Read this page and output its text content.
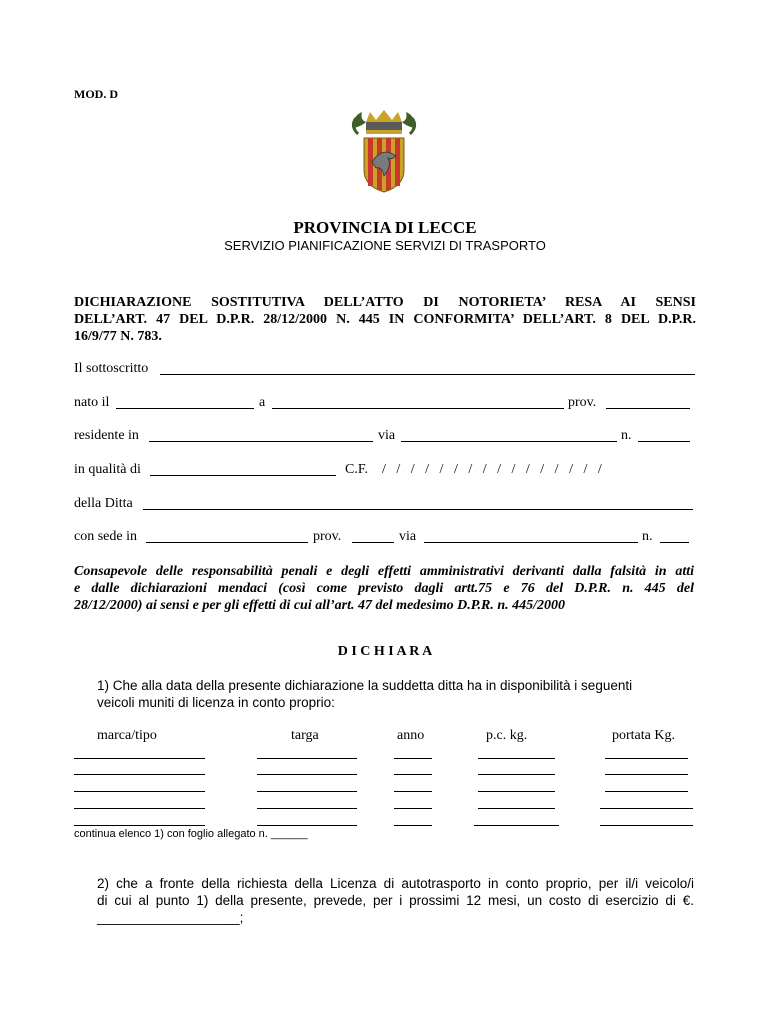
MOD. D
PROVINCIA DI LECCE
SERVIZIO PIANIFICAZIONE SERVIZI DI TRASPORTO
DICHIARAZIONE SOSTITUTIVA DELL’ATTO DI NOTORIETA’ RESA AI SENSI
DELL’ART. 47 DEL D.P.R. 28/12/2000 N. 445 IN CONFORMITA’ DELL’ART. 8 DEL D.P.R.
16/9/77 N. 783.
Il sottoscritto
nato il	a	prov.
residente in	via	n.
in qualità di	C.F. /   /   /   /   /   /   /   /   /   /   /   /   /   /   /   /
della Ditta
con sede in	prov.	via	n.
Consapevole delle responsabilità penali e degli effetti amministrativi derivanti dalla falsità in atti
e dalle dichiarazioni mendaci (così come previsto dagli artt.75 e 76 del D.P.R. n. 445 del
28/12/2000) ai sensi e per gli effetti di cui all’art. 47 del medesimo D.P.R. n. 445/2000
D I C H I A R A
1) Che alla data della presente dichiarazione la suddetta ditta ha in disponibilità i seguenti
veicoli muniti di licenza in conto proprio:
marca/tipo	targa	anno	p.c. kg.	portata Kg.
continua elenco 1) con foglio allegato n. ______
2) che a fronte della richiesta della Licenza di autotrasporto in conto proprio, per il/i veicolo/i
di cui al punto 1) della presente, prevede, per i prossimi 12 mesi, un costo di esercizio di €.
___________________;
